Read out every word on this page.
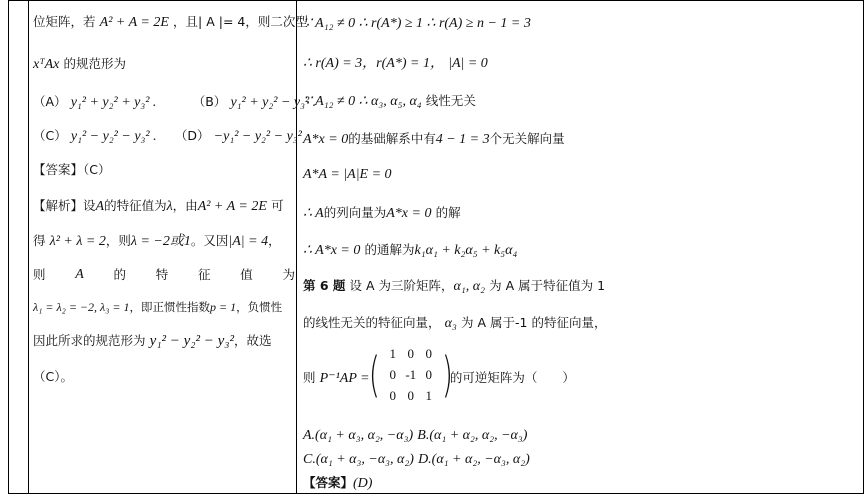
位矩阵，若 A² + A = 2E ，且| A |= 4，则二次型
xᵀAx 的规范形为
（A） y₁² + y₂² + y₃² .	（B） y₁² + y₂² − y₃² .
（C） y₁² − y₂² − y₃² . （D） −y₁² − y₂² − y₃²
【答案】（C）
【解析】设A的特征值为λ，由A² + A = 2E 可
得 λ² + λ = 2，则λ = −2或1。又因|A| = 4，
则 A 的 特 征 值 为
λ₁ = λ₂ = −2, λ₃ = 1，即正惯性指数p = 1，负惯性
因此所求的规范形为 y₁² − y₂² − y₃²，故选
（C）。
∵ A₁₂ ≠ 0 ∴ r(A*) ≥ 1 ∴ r(A) ≥ n − 1 = 3
∴ r(A) = 3，r(A*) = 1， |A| = 0
∵ A₁₂ ≠ 0 ∴ α₃, α₅, α₄ 线性无关
A*x = 0的基础解系中有4 − 1 = 3个无关解向量
A*A = |A|E = 0
∴ A的列向量为A*x = 0 的解
∴ A*x = 0 的通解为k₁α₁ + k₂α₅ + k₅α₄
第 6 题 设 A 为三阶矩阵，α₁, α₂ 为 A 属于特征值为 1
的线性无关的特征向量， α₃ 为 A 属于-1 的特征向量，
则 P⁻¹AP =	的可逆矩阵为（　　）
( 1 0 0
0 -1 0
0 0 1 )
A.(α₁ + α₃, α₂, −α₃) B.(α₁ + α₂, α₂, −α₃)
C.(α₁ + α₃, −α₃, α₂) D.(α₁ + α₂, −α₃, α₂)
【答案】(D)
